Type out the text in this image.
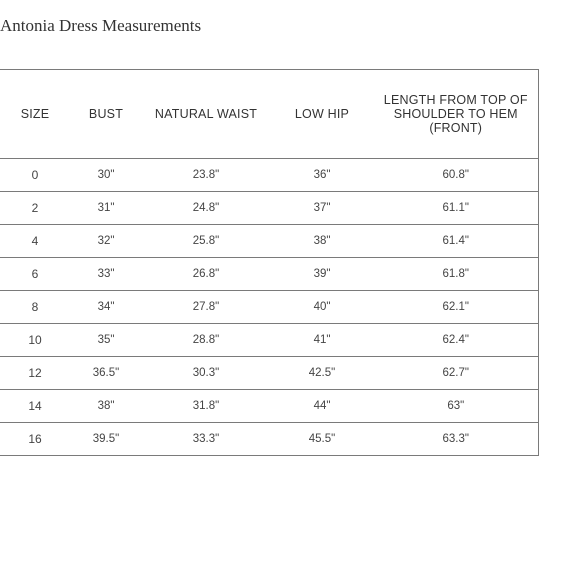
Antonia Dress Measurements
SIZE	BUST	NATURAL WAIST	LOW HIP	LENGTH FROM TOP OF SHOULDER TO HEM (FRONT)
0	30"	23.8"	36"	60.8"
2	31"	24.8"	37"	61.1"
4	32"	25.8"	38"	61.4"
6	33"	26.8"	39"	61.8"
8	34"	27.8"	40"	62.1"
10	35"	28.8"	41"	62.4"
12	36.5"	30.3"	42.5"	62.7"
14	38"	31.8"	44"	63"
16	39.5"	33.3"	45.5"	63.3"
